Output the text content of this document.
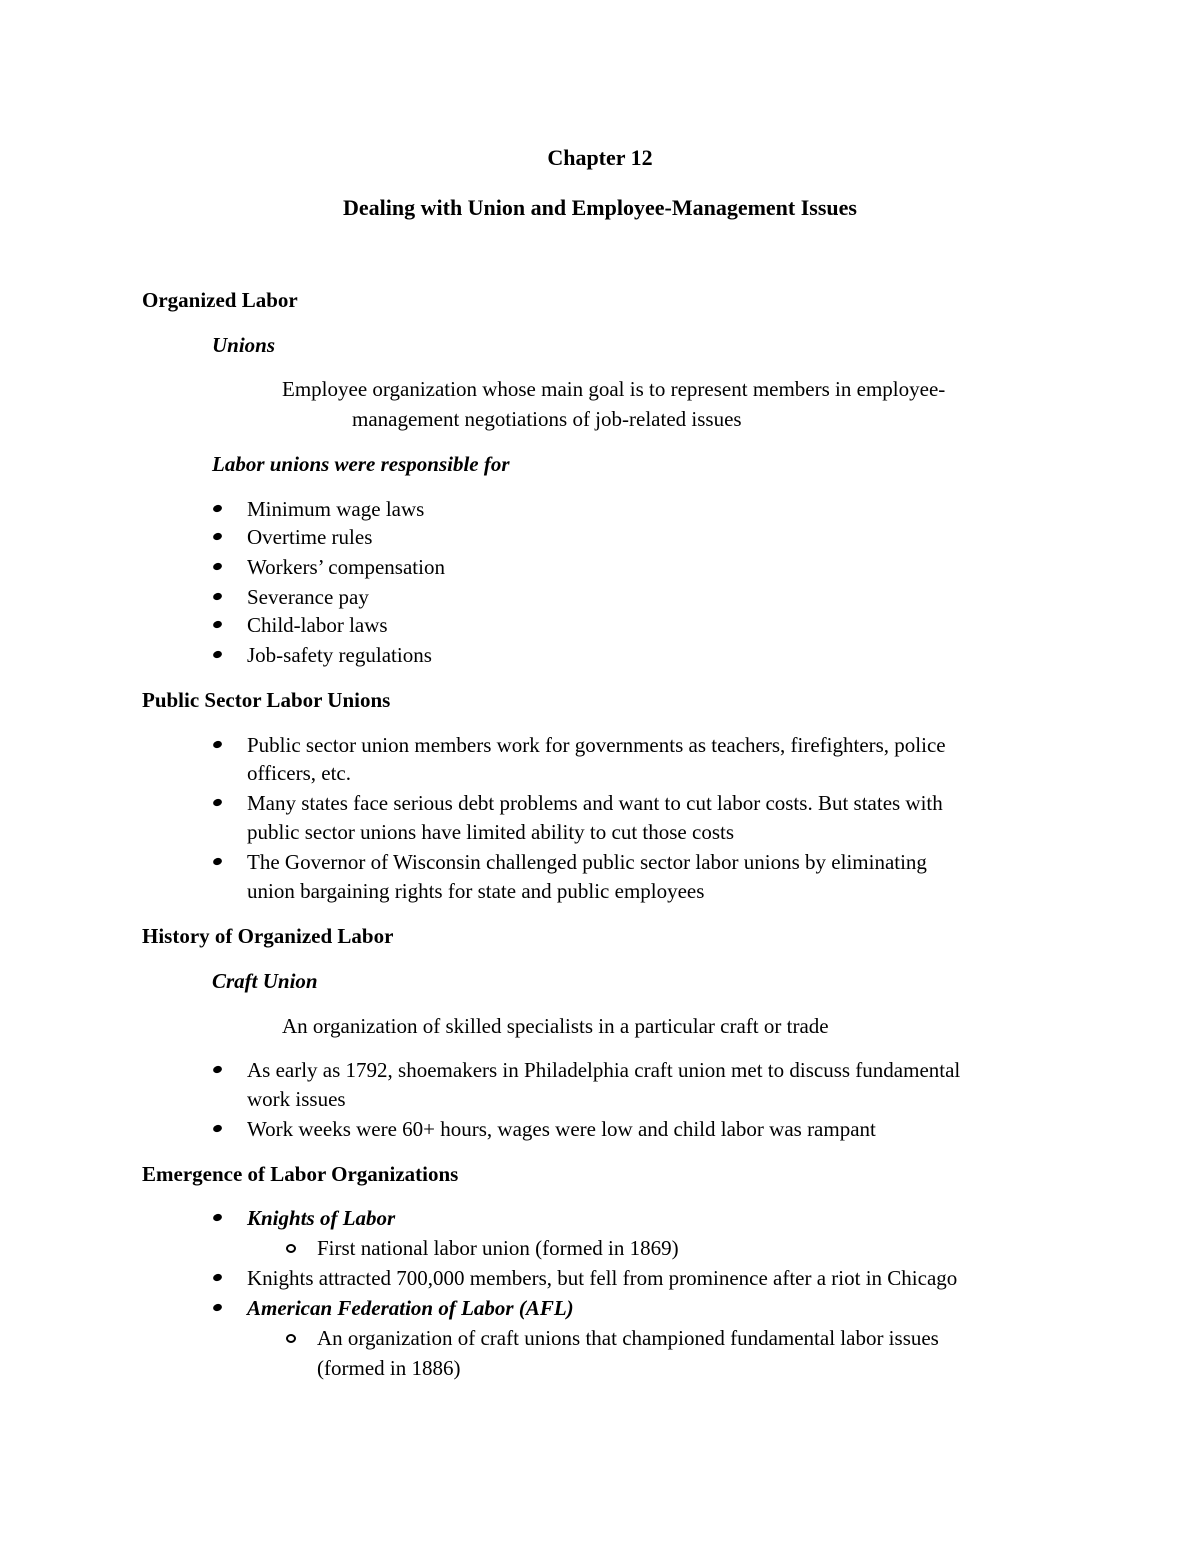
Chapter 12
Dealing with Union and Employee-Management Issues
Organized Labor
Unions
Employee organization whose main goal is to represent members in employee-
management negotiations of job-related issues
Labor unions were responsible for
Minimum wage laws
Overtime rules
Workers’ compensation
Severance pay
Child-labor laws
Job-safety regulations
Public Sector Labor Unions
Public sector union members work for governments as teachers, firefighters, police
officers, etc.
Many states face serious debt problems and want to cut labor costs. But states with
public sector unions have limited ability to cut those costs
The Governor of Wisconsin challenged public sector labor unions by eliminating
union bargaining rights for state and public employees
History of Organized Labor
Craft Union
An organization of skilled specialists in a particular craft or trade
As early as 1792, shoemakers in Philadelphia craft union met to discuss fundamental
work issues
Work weeks were 60+ hours, wages were low and child labor was rampant
Emergence of Labor Organizations
Knights of Labor
First national labor union (formed in 1869)
Knights attracted 700,000 members, but fell from prominence after a riot in Chicago
American Federation of Labor (AFL)
An organization of craft unions that championed fundamental labor issues
(formed in 1886)
